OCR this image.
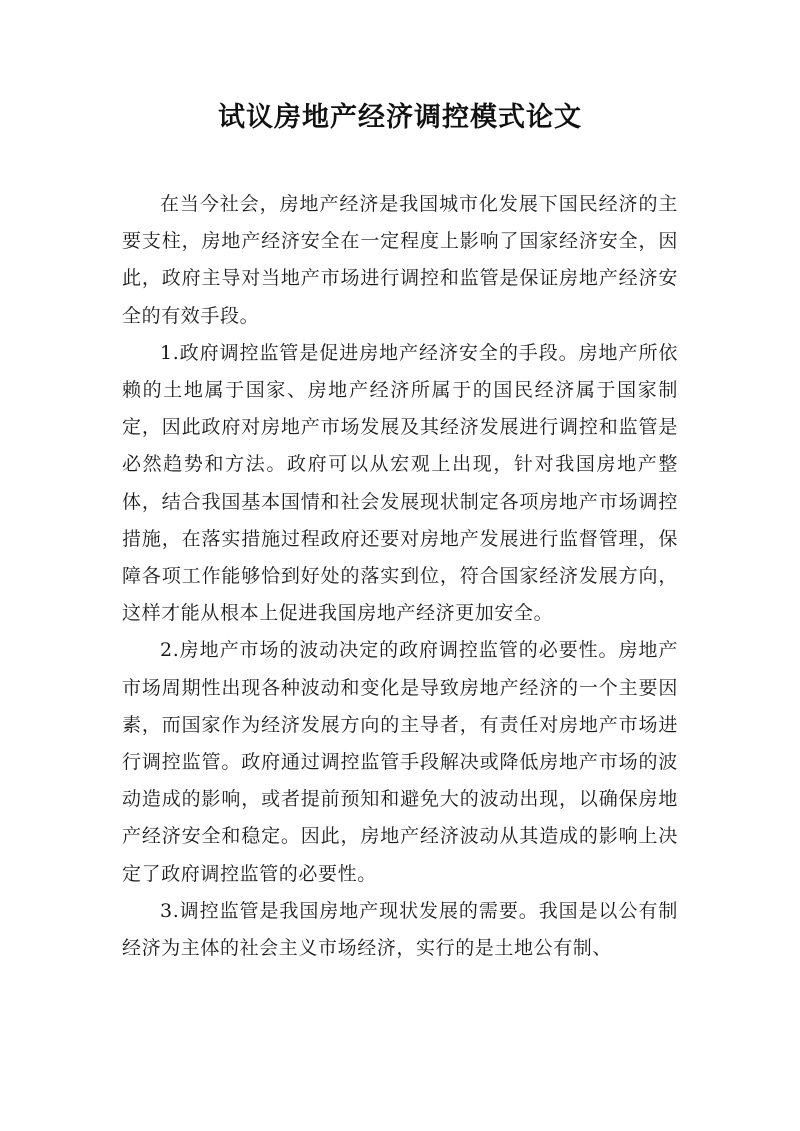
试议房地产经济调控模式论文

在当今社会，房地产经济是我国城市化发展下国民经济的主要支柱，房地产经济安全在一定程度上影响了国家经济安全，因此，政府主导对当地产市场进行调控和监管是保证房地产经济安全的有效手段。

1.政府调控监管是促进房地产经济安全的手段。房地产所依赖的土地属于国家、房地产经济所属于的国民经济属于国家制定，因此政府对房地产市场发展及其经济发展进行调控和监管是必然趋势和方法。政府可以从宏观上出现，针对我国房地产整体，结合我国基本国情和社会发展现状制定各项房地产市场调控措施，在落实措施过程政府还要对房地产发展进行监督管理，保障各项工作能够恰到好处的落实到位，符合国家经济发展方向，这样才能从根本上促进我国房地产经济更加安全。

2.房地产市场的波动决定的政府调控监管的必要性。房地产市场周期性出现各种波动和变化是导致房地产经济的一个主要因素，而国家作为经济发展方向的主导者，有责任对房地产市场进行调控监管。政府通过调控监管手段解决或降低房地产市场的波动造成的影响，或者提前预知和避免大的波动出现，以确保房地产经济安全和稳定。因此，房地产经济波动从其造成的影响上决定了政府调控监管的必要性。

3.调控监管是我国房地产现状发展的需要。我国是以公有制经济为主体的社会主义市场经济，实行的是土地公有制、
